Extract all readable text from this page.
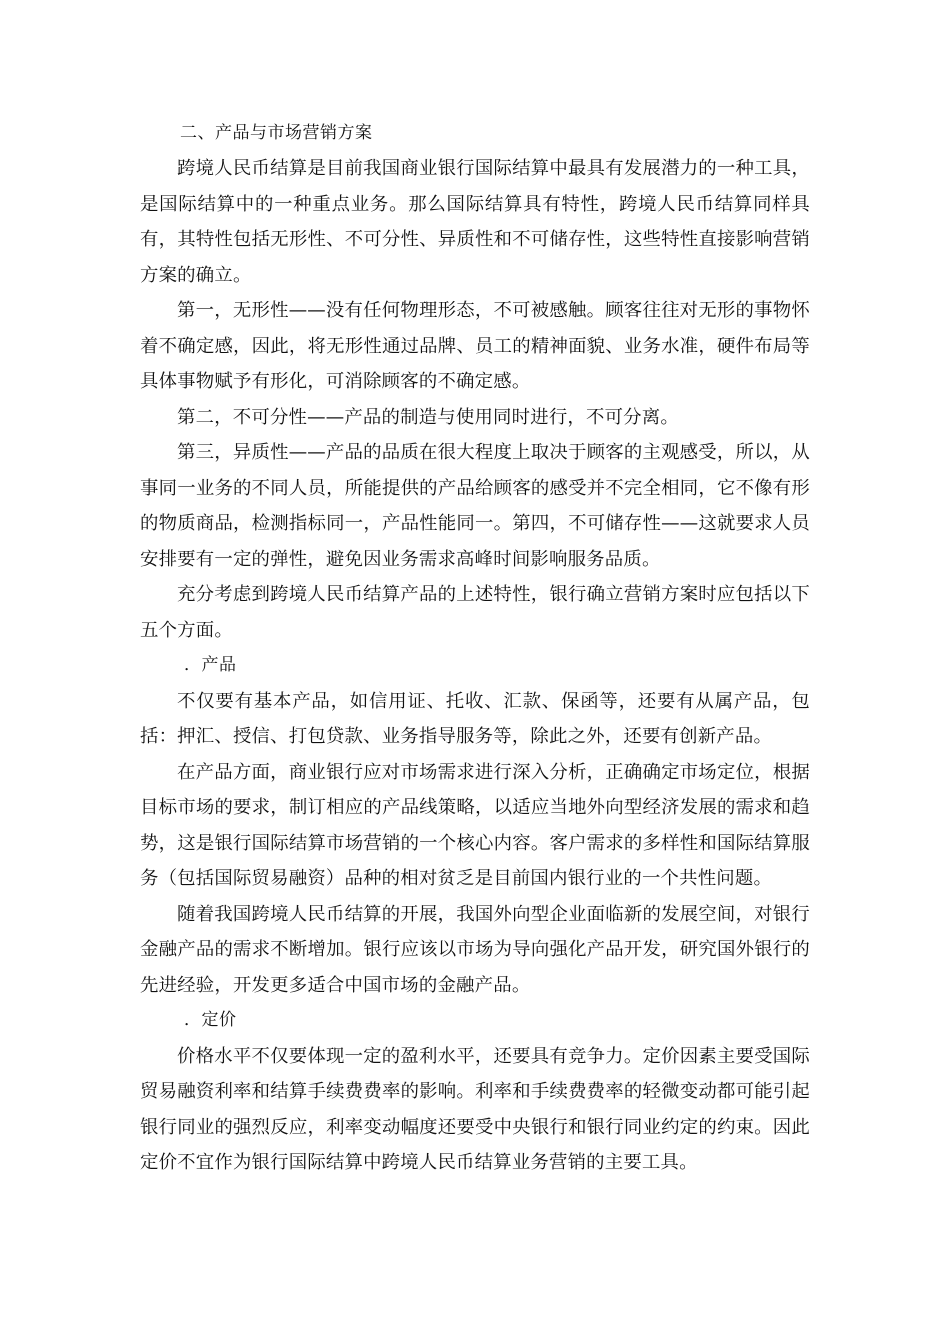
二、产品与市场营销方案

跨境人民币结算是目前我国商业银行国际结算中最具有发展潜力的一种工具，是国际结算中的一种重点业务。那么国际结算具有特性，跨境人民币结算同样具有，其特性包括无形性、不可分性、异质性和不可储存性，这些特性直接影响营销方案的确立。

第一，无形性——没有任何物理形态，不可被感触。顾客往往对无形的事物怀着不确定感，因此，将无形性通过品牌、员工的精神面貌、业务水准，硬件布局等具体事物赋予有形化，可消除顾客的不确定感。

第二，不可分性——产品的制造与使用同时进行，不可分离。

第三，异质性——产品的品质在很大程度上取决于顾客的主观感受，所以，从事同一业务的不同人员，所能提供的产品给顾客的感受并不完全相同，它不像有形的物质商品，检测指标同一，产品性能同一。第四，不可储存性——这就要求人员安排要有一定的弹性，避免因业务需求高峰时间影响服务品质。

充分考虑到跨境人民币结算产品的上述特性，银行确立营销方案时应包括以下五个方面。

．产品

不仅要有基本产品，如信用证、托收、汇款、保函等，还要有从属产品，包括：押汇、授信、打包贷款、业务指导服务等，除此之外，还要有创新产品。

在产品方面，商业银行应对市场需求进行深入分析，正确确定市场定位，根据目标市场的要求，制订相应的产品线策略，以适应当地外向型经济发展的需求和趋势，这是银行国际结算市场营销的一个核心内容。客户需求的多样性和国际结算服务（包括国际贸易融资）品种的相对贫乏是目前国内银行业的一个共性问题。

随着我国跨境人民币结算的开展，我国外向型企业面临新的发展空间，对银行金融产品的需求不断增加。银行应该以市场为导向强化产品开发，研究国外银行的先进经验，开发更多适合中国市场的金融产品。

．定价

价格水平不仅要体现一定的盈利水平，还要具有竞争力。定价因素主要受国际贸易融资利率和结算手续费费率的影响。利率和手续费费率的轻微变动都可能引起银行同业的强烈反应，利率变动幅度还要受中央银行和银行同业约定的约束。因此定价不宜作为银行国际结算中跨境人民币结算业务营销的主要工具。
